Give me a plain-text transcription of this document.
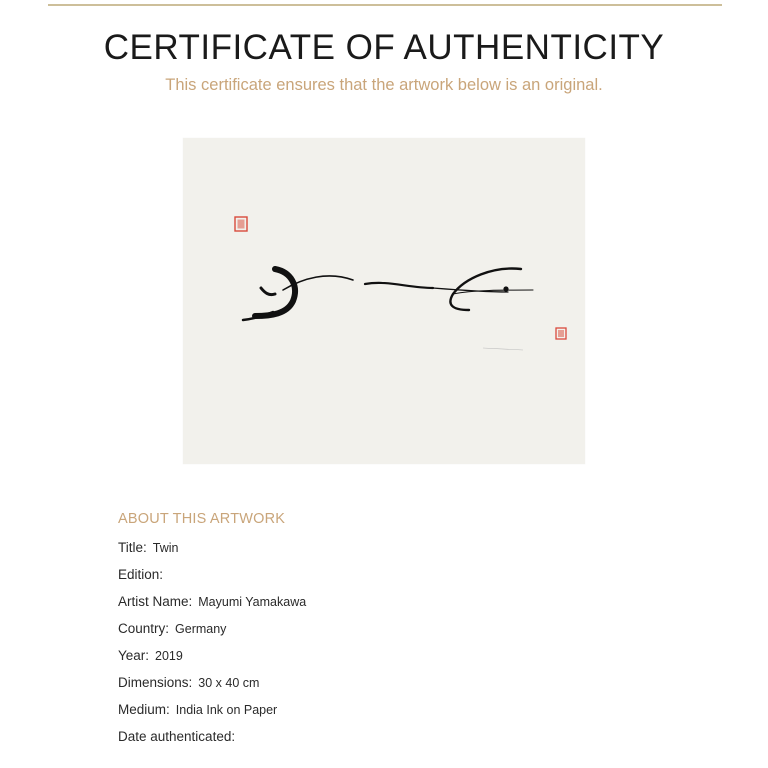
CERTIFICATE OF AUTHENTICITY
This certificate ensures that the artwork below is an original.
ABOUT THIS ARTWORK
Title: Twin
Edition:
Artist Name: Mayumi Yamakawa
Country: Germany
Year: 2019
Dimensions: 30 x 40 cm
Medium: India Ink on Paper
Date authenticated:
